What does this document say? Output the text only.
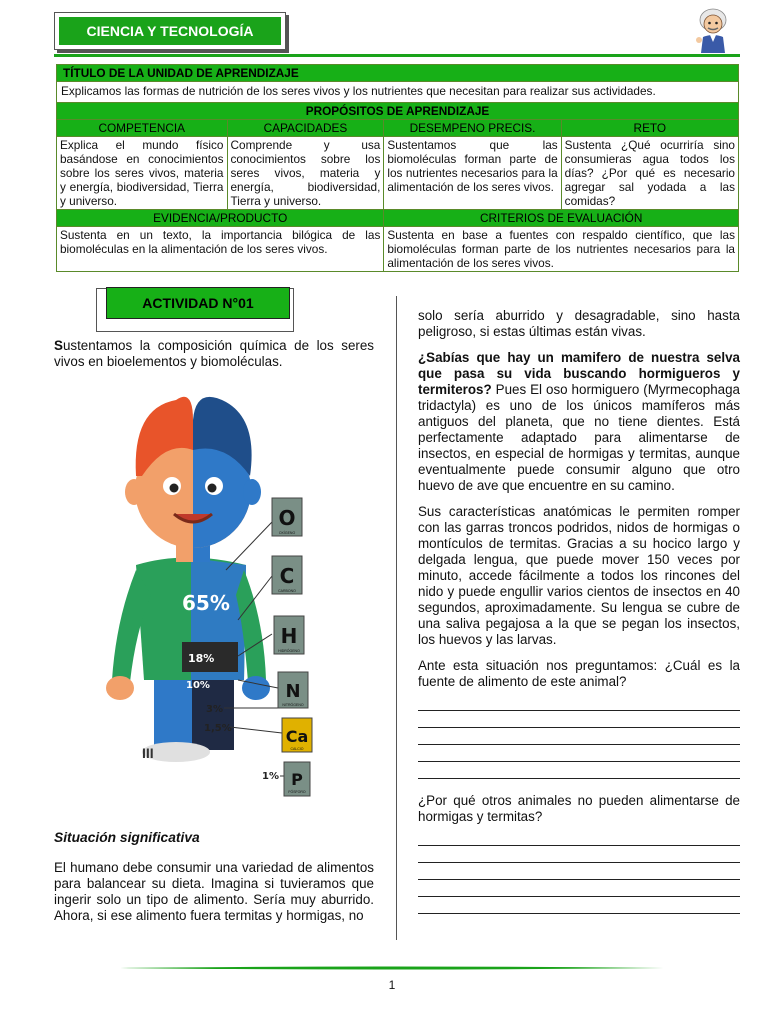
CIENCIA Y TECNOLOGÍA
TÍTULO DE LA UNIDAD DE APRENDIZAJE			
Explicamos las formas de nutrición de los seres vivos y los nutrientes que necesitan para realizar sus actividades.			
PROPÓSITOS DE APRENDIZAJE			
COMPETENCIA	CAPACIDADES	DESEMPENO PRECIS.	RETO
Explica el mundo físico basándose en conocimientos sobre los seres vivos, materia y energía, biodiversidad, Tierra y universo.	Comprende y usa conocimientos sobre los seres vivos, materia y energía, biodiversidad, Tierra y universo.	Sustentamos que las biomoléculas forman parte de los nutrientes necesarios para la alimentación de los seres vivos.	Sustenta ¿Qué ocurriría sino consumieras agua todos los días? ¿Por qué es necesario agregar sal yodada a las comidas?
EVIDENCIA/PRODUCTO		CRITERIOS DE EVALUACIÓN	
Sustenta en un texto, la importancia bilógica de las biomoléculas en la alimentación de los seres vivos.		Sustenta en base a fuentes con respaldo científico, que las biomoléculas forman parte de los nutrientes necesarios para la alimentación de los seres vivos.	
ACTIVIDAD N°01

Sustentamos la composición química de los seres vivos en bioelementos y biomoléculas.

III
65%
18%
10%
3%
1,5%
1%
O
OXÍGENO
C
CARBONO
H
HIDRÓGENO
N
NITRÓGENO
Ca
CALCIO
P
FÓSFORO
Situación significativa

El humano debe consumir una variedad de alimentos para balancear su dieta. Imagina si tuvieramos que ingerir solo un tipo de alimento. Sería muy aburrido. Ahora, si ese alimento fuera termitas y hormigas, no

solo sería aburrido y desagradable, sino hasta peligroso, si estas últimas están vivas.

¿Sabías que hay un mamifero de nuestra selva que pasa su vida buscando hormigueros y termiteros? Pues El oso hormiguero (Myrmecophaga tridactyla) es uno de los únicos mamíferos más antiguos del planeta, que no tiene dientes. Está perfectamente adaptado para alimentarse de insectos, en especial de hormigas y termitas, aunque eventualmente puede consumir alguno que otro huevo de ave que encuentre en su camino.

Sus características anatómicas le permiten romper con las garras troncos podridos, nidos de hormigas o montículos de termitas. Gracias a su hocico largo y delgada lengua, que puede mover 150 veces por minuto, accede fácilmente a todos los rincones del nido y puede engullir varios cientos de insectos en 40 segundos, aproximadamente. Su lengua se cubre de una saliva pegajosa a la que se pegan los insectos, los huevos y las larvas.

Ante esta situación nos preguntamos: ¿Cuál es la fuente de alimento de este animal?

¿Por qué otros animales no pueden alimentarse de hormigas y termitas?

1
